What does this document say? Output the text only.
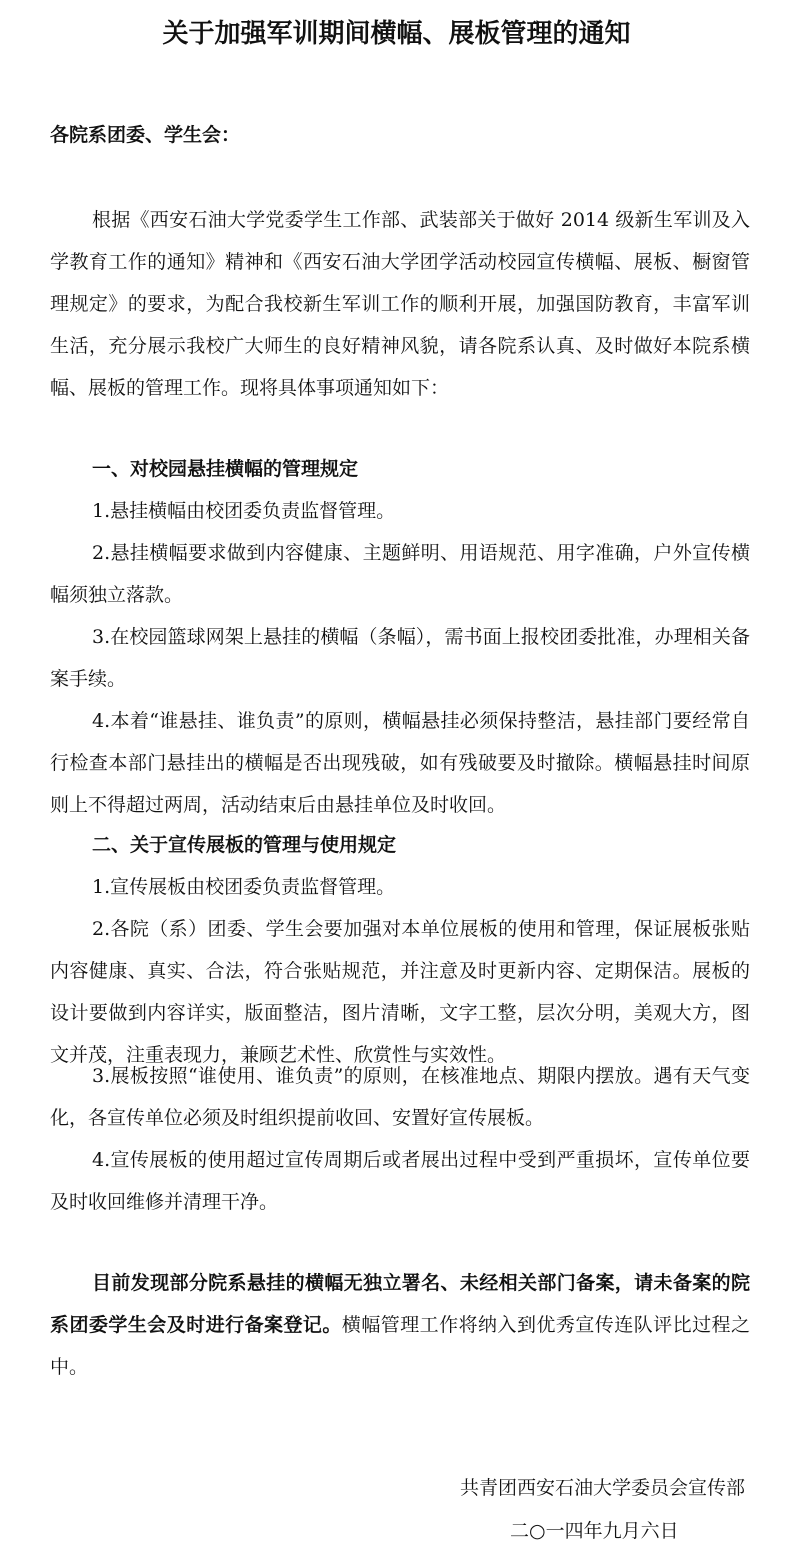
关于加强军训期间横幅、展板管理的通知
各院系团委、学生会：

根据《西安石油大学党委学生工作部、武装部关于做好 2014 级新生军训及入学教育工作的通知》精神和《西安石油大学团学活动校园宣传横幅、展板、橱窗管理规定》的要求，为配合我校新生军训工作的顺利开展，加强国防教育，丰富军训生活，充分展示我校广大师生的良好精神风貌，请各院系认真、及时做好本院系横幅、展板的管理工作。现将具体事项通知如下：

一、对校园悬挂横幅的管理规定

1.悬挂横幅由校团委负责监督管理。

2.悬挂横幅要求做到内容健康、主题鲜明、用语规范、用字准确，户外宣传横幅须独立落款。

3.在校园篮球网架上悬挂的横幅（条幅），需书面上报校团委批准，办理相关备案手续。

4.本着“谁悬挂、谁负责”的原则，横幅悬挂必须保持整洁，悬挂部门要经常自行检查本部门悬挂出的横幅是否出现残破，如有残破要及时撤除。横幅悬挂时间原则上不得超过两周，活动结束后由悬挂单位及时收回。

二、关于宣传展板的管理与使用规定

1.宣传展板由校团委负责监督管理。

2.各院（系）团委、学生会要加强对本单位展板的使用和管理，保证展板张贴内容健康、真实、合法，符合张贴规范，并注意及时更新内容、定期保洁。展板的设计要做到内容详实，版面整洁，图片清晰，文字工整，层次分明，美观大方，图文并茂，注重表现力，兼顾艺术性、欣赏性与实效性。

3.展板按照“谁使用、谁负责”的原则，在核准地点、期限内摆放。遇有天气变化，各宣传单位必须及时组织提前收回、安置好宣传展板。

4.宣传展板的使用超过宣传周期后或者展出过程中受到严重损坏，宣传单位要及时收回维修并清理干净。

目前发现部分院系悬挂的横幅无独立署名、未经相关部门备案，请未备案的院系团委学生会及时进行备案登记。横幅管理工作将纳入到优秀宣传连队评比过程之中。

共青团西安石油大学委员会宣传部
二○一四年九月六日
